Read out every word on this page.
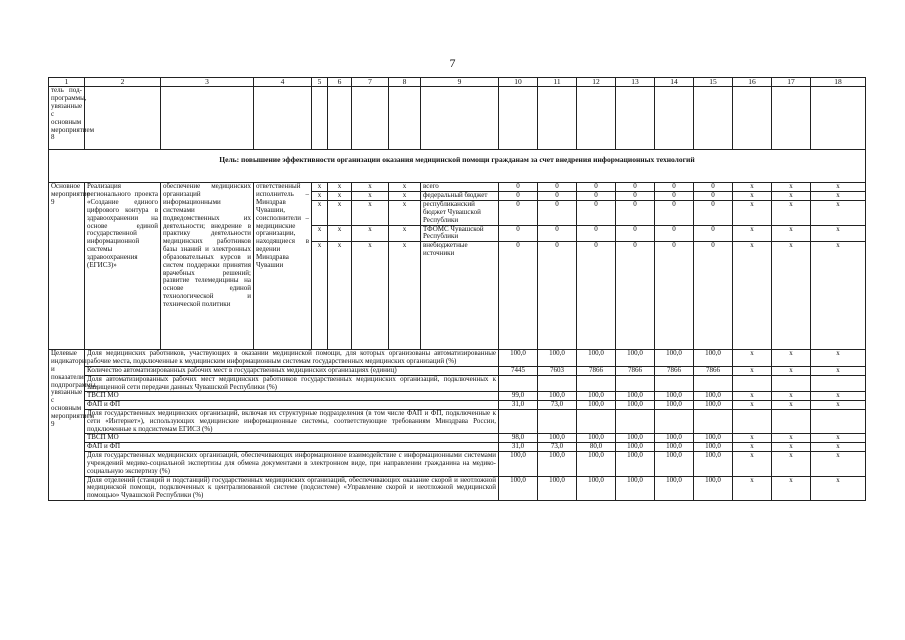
7
1	2	3	4	5	6	7	8	9	10	11	12	13	14	15	16	17	18
тель под-программы, увязанные с основным мероприятием 8																	
Цель: повышение эффективности организации оказания медицинской помощи гражданам за счет внедрения информационных технологий																	
Основное мероприятие 9	Реализация регионального проекта «Создание единого цифрового контура в здравоохранении на основе единой государственной информационной системы здравоохранения (ЕГИСЗ)»	обеспечение медицинских организаций информационными системами подведомственных их деятельности; внедрение в практику деятельности медицинских работников базы знаний и электронных образовательных курсов и систем поддержки принятия врачебных решений; развитие телемедицины на основе единой технологической и технической политики	ответственный исполнитель – Минздрав Чувашии, соисполнители – медицинские организации, находящиеся в ведении Минздрава Чувашии	x	x	x	x	всего	0	0	0	0	0	0	x	x	x
				x	x	x	x	федеральный бюджет	0	0	0	0	0	0	x	x	x
				x	x	x	x	республиканский бюджет Чувашской Республики	0	0	0	0	0	0	x	x	x
				x	x	x	x	ТФОМС Чувашской Республики	0	0	0	0	0	0	x	x	x
				x	x	x	x	внебюджетные источники	0	0	0	0	0	0	x	x	x
Целевые индикаторы и показатели подпрограммы, увязанные с основным мероприятием 9	Доля медицинских работников, участвующих в оказании медицинской помощи, для которых организованы автоматизированные рабочие места, подключенные к медицинским информационным системам государственных медицинских организаций (%)								100,0	100,0	100,0	100,0	100,0	100,0	x	x	x
	Количество автоматизированных рабочих мест в государственных медицинских организациях (единиц)								7445	7603	7866	7866	7866	7866	x	x	x
	Доля автоматизированных рабочих мест медицинских работников государственных медицинских организаций, подключенных к защищенной сети передачи данных Чувашской Республики (%)																
	ТВСП МО								99,0	100,0	100,0	100,0	100,0	100,0	x	x	x
	ФАП и ФП								31,0	73,0	100,0	100,0	100,0	100,0	x	x	x
	Доля государственных медицинских организаций, включая их структурные подразделения (в том числе ФАП и ФП, подключенные к сети «Интернет»), использующих медицинские информационные системы, соответствующие требованиям Минздрава России, подключенные к подсистемам ЕГИСЗ (%)																
	ТВСП МО								98,0	100,0	100,0	100,0	100,0	100,0	x	x	x
	ФАП и ФП								31,0	73,0	80,0	100,0	100,0	100,0	x	x	x
	Доля государственных медицинских организаций, обеспечивающих информационное взаимодействие с информационными системами учреждений медико-социальной экспертизы для обмена документами в электронном виде, при направлении гражданина на медико-социальную экспертизу (%)								100,0	100,0	100,0	100,0	100,0	100,0	x	x	x
	Доля отделений (станций и подстанций) государственных медицинских организаций, обеспечивающих оказание скорой и неотложной медицинской помощи, подключенных к централизованной системе (подсистеме) «Управление скорой и неотложной медицинской помощью» Чувашской Республики (%)								100,0	100,0	100,0	100,0	100,0	100,0	x	x	x
